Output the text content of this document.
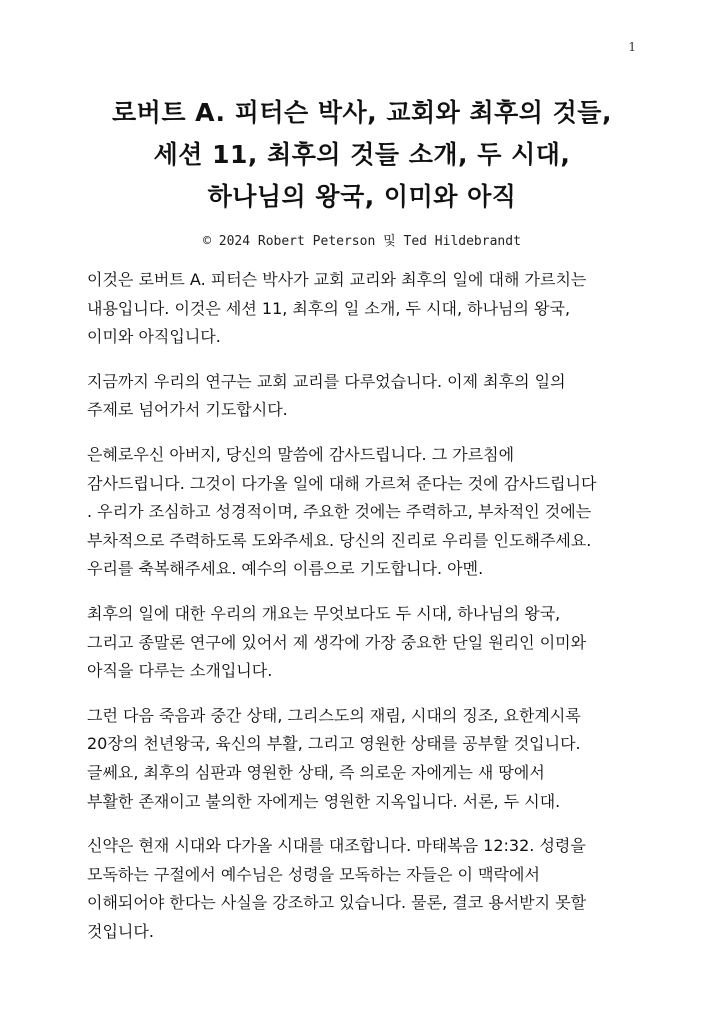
1
로버트 A. 피터슨 박사, 교회와 최후의 것들,
세션 11, 최후의 것들 소개, 두 시대,
하나님의 왕국, 이미와 아직
© 2024 Robert Peterson 및 Ted Hildebrandt

이것은 로버트 A. 피터슨 박사가 교회 교리와 최후의 일에 대해 가르치는
내용입니다. 이것은 세션 11, 최후의 일 소개, 두 시대, 하나님의 왕국,
이미와 아직입니다.

지금까지 우리의 연구는 교회 교리를 다루었습니다. 이제 최후의 일의
주제로 넘어가서 기도합시다.

은혜로우신 아버지, 당신의 말씀에 감사드립니다. 그 가르침에
감사드립니다. 그것이 다가올 일에 대해 가르쳐 준다는 것에 감사드립니다
. 우리가 조심하고 성경적이며, 주요한 것에는 주력하고, 부차적인 것에는
부차적으로 주력하도록 도와주세요. 당신의 진리로 우리를 인도해주세요.
우리를 축복해주세요. 예수의 이름으로 기도합니다. 아멘.

최후의 일에 대한 우리의 개요는 무엇보다도 두 시대, 하나님의 왕국,
그리고 종말론 연구에 있어서 제 생각에 가장 중요한 단일 원리인 이미와
아직을 다루는 소개입니다.

그런 다음 죽음과 중간 상태, 그리스도의 재림, 시대의 징조, 요한계시록
20장의 천년왕국, 육신의 부활, 그리고 영원한 상태를 공부할 것입니다.
글쎄요, 최후의 심판과 영원한 상태, 즉 의로운 자에게는 새 땅에서
부활한 존재이고 불의한 자에게는 영원한 지옥입니다. 서론, 두 시대.

신약은 현재 시대와 다가올 시대를 대조합니다. 마태복음 12:32. 성령을
모독하는 구절에서 예수님은 성령을 모독하는 자들은 이 맥락에서
이해되어야 한다는 사실을 강조하고 있습니다. 물론, 결코 용서받지 못할
것입니다.
